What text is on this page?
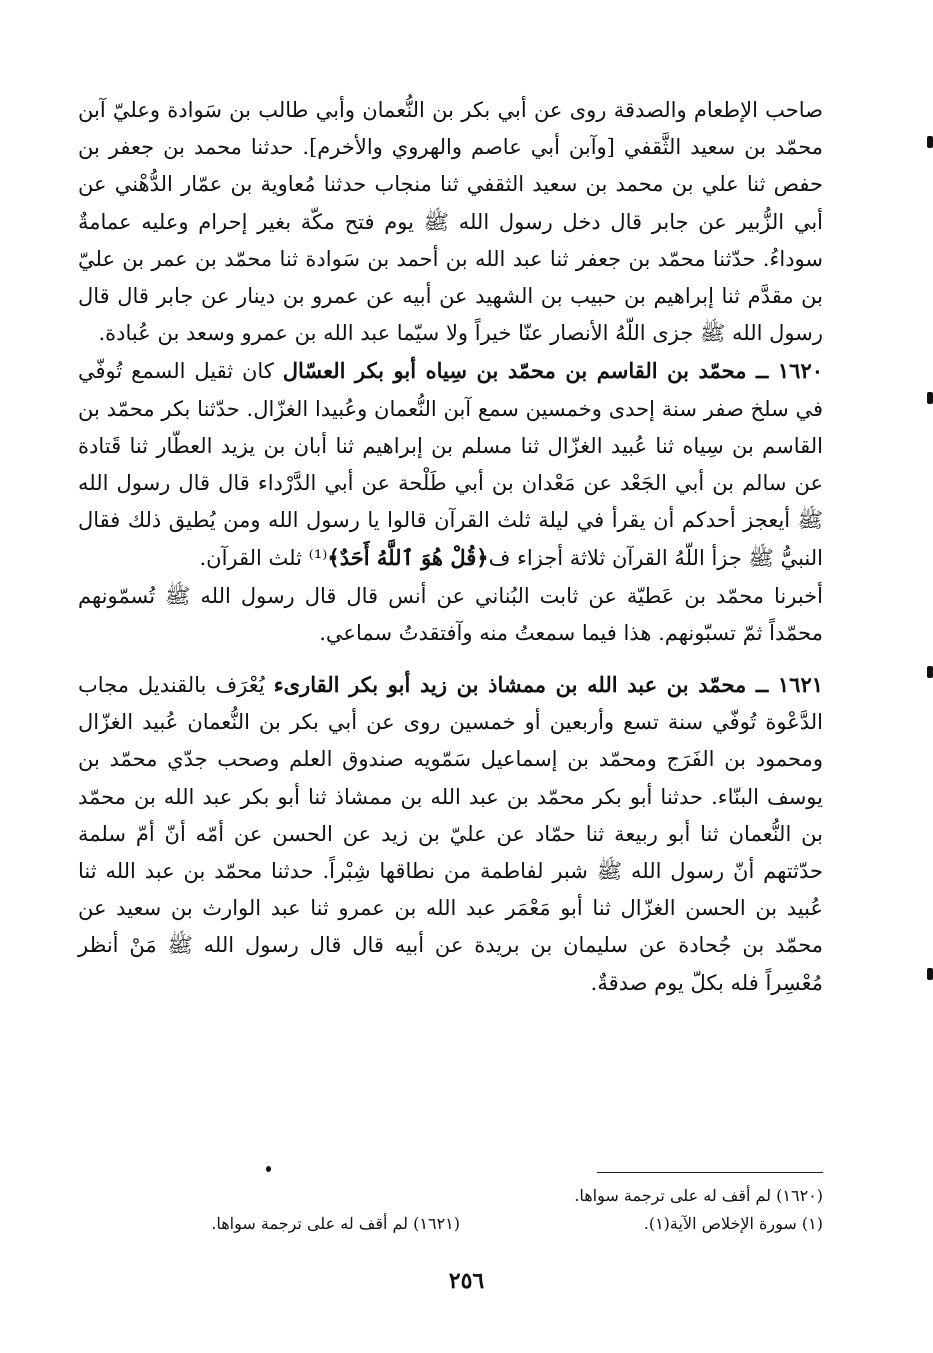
صاحب الإطعام والصدقة روى عن أبي بكر بن النُّعمان وأبي طالب بن سَوادة وعليّ آبن محمّد بن سعيد الثَّقفي [وآبن أبي عاصم والهروي والأخرم]. حدثنا محمد بن جعفر بن حفص ثنا علي بن محمد بن سعيد الثقفي ثنا منجاب حدثنا مُعاوية بن عمّار الدُّهْني عن أبي الزُّبير عن جابر قال دخل رسول الله ﷺ يوم فتح مكّة بغير إحرام وعليه عمامةٌ سوداءُ. حدّثنا محمّد بن جعفر ثنا عبد الله بن أحمد بن سَوادة ثنا محمّد بن عمر بن عليّ بن مقدَّم ثنا إبراهيم بن حبيب بن الشهيد عن أبيه عن عمرو بن دينار عن جابر قال قال رسول الله ﷺ جزى اللّهُ الأنصار عنّا خيراً ولا سيّما عبد الله بن عمرو وسعد بن عُبادة.

١٦٢٠ ــ محمّد بن القاسم بن محمّد بن سِياه أبو بكر العسّال كان ثقيل السمع تُوفّي في سلخ صفر سنة إحدى وخمسين سمع آبن النُّعمان وعُبيدا الغزّال. حدّثنا بكر محمّد بن القاسم بن سِياه ثنا عُبيد الغزّال ثنا مسلم بن إبراهيم ثنا أبان بن يزيد العطّار ثنا قَتادة عن سالم بن أبي الجَعْد عن مَعْدان بن أبي طَلْحة عن أبي الدَّرْداء قال قال رسول الله ﷺ أيعجز أحدكم أن يقرأ في ليلة ثلث القرآن قالوا يا رسول الله ومن يُطيق ذلك فقال النبيُّ ﷺ جزأ اللّهُ القرآن ثلاثة أجزاء ف﴿قُلْ هُوَ ٱللَّهُ أَحَدٌ﴾⁽¹⁾ ثلث القرآن.

أخبرنا محمّد بن عَطيّة عن ثابت البُناني عن أنس قال قال رسول الله ﷺ تُسمّونهم محمّداً ثمّ تسبّونهم. هذا فيما سمعتُ منه وآفتقدتُ سماعي.

١٦٢١ ــ محمّد بن عبد الله بن ممشاذ بن زيد أبو بكر القارىء يُعْرَف بالقنديل مجاب الدَّعْوة تُوفّي سنة تسع وأربعين أو خمسين روى عن أبي بكر بن النُّعمان عُبيد الغزّال ومحمود بن الفَرَج ومحمّد بن إسماعيل سَمّويه صندوق العلم وصحب جدّي محمّد بن يوسف البنّاء. حدثنا أبو بكر محمّد بن عبد الله بن ممشاذ ثنا أبو بكر عبد الله بن محمّد بن النُّعمان ثنا أبو ربيعة ثنا حمّاد عن عليّ بن زيد عن الحسن عن أمّه أنّ أمّ سلمة حدّثتهم أنّ رسول الله ﷺ شبر لفاطمة من نطاقها شِبْراً. حدثنا محمّد بن عبد الله ثنا عُبيد بن الحسن الغزّال ثنا أبو مَعْمَر عبد الله بن عمرو ثنا عبد الوارث بن سعيد عن محمّد بن جُحادة عن سليمان بن بريدة عن أبيه قال قال رسول الله ﷺ مَنْ أنظر مُعْسِراً فله بكلّ يوم صدقةٌ.

(١٦٢٠) لم أقف له على ترجمة سواها.

(١) سورة الإخلاص الآية(١).

(١٦٢١) لم أقف له على ترجمة سواها.

٢٥٦
